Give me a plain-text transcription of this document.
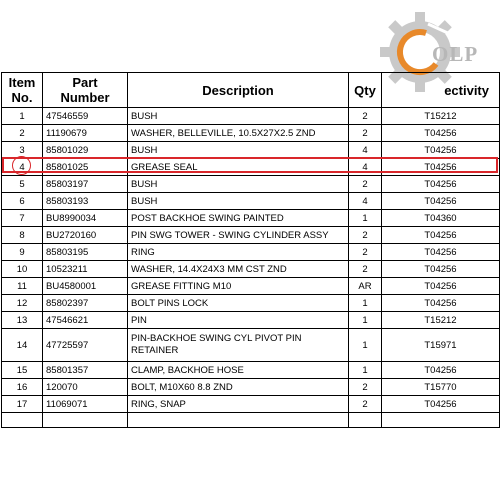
OLP
Item No.	Part Number	Description	Qty	ectivity
1	47546559	BUSH	2	T15212
2	11190679	WASHER, BELLEVILLE, 10.5X27X2.5 ZND	2	T04256
3	85801029	BUSH	4	T04256
4	85801025	GREASE SEAL	4	T04256
5	85803197	BUSH	2	T04256
6	85803193	BUSH	4	T04256
7	BU8990034	POST BACKHOE SWING PAINTED	1	T04360
8	BU2720160	PIN SWG TOWER - SWING CYLINDER ASSY	2	T04256
9	85803195	RING	2	T04256
10	10523211	WASHER, 14.4X24X3 MM CST ZND	2	T04256
11	BU4580001	GREASE FITTING M10	AR	T04256
12	85802397	BOLT PINS LOCK	1	T04256
13	47546621	PIN	1	T15212
14	47725597	PIN-BACKHOE SWING CYL PIVOT PIN RETAINER	1	T15971
15	85801357	CLAMP, BACKHOE HOSE	1	T04256
16	120070	BOLT, M10X60 8.8 ZND	2	T15770
17	11069071	RING, SNAP	2	T04256
